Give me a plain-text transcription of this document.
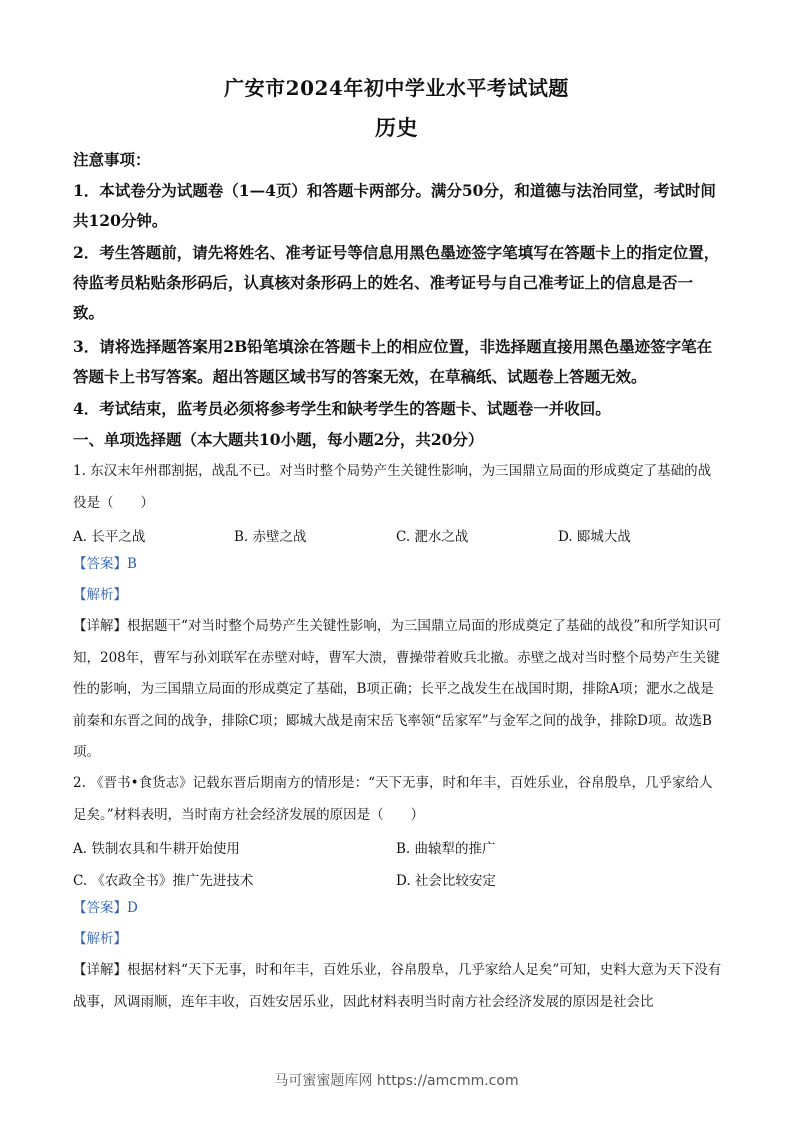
广安市2024年初中学业水平考试试题
历史
注意事项：
1．本试卷分为试题卷（1—4页）和答题卡两部分。满分50分，和道德与法治同堂，考试时间共120分钟。
2．考生答题前，请先将姓名、准考证号等信息用黑色墨迹签字笔填写在答题卡上的指定位置，待监考员粘贴条形码后，认真核对条形码上的姓名、准考证号与自己准考证上的信息是否一致。
3．请将选择题答案用2B铅笔填涂在答题卡上的相应位置，非选择题直接用黑色墨迹签字笔在答题卡上书写答案。超出答题区域书写的答案无效，在草稿纸、试题卷上答题无效。
4．考试结束，监考员必须将参考学生和缺考学生的答题卡、试题卷一并收回。
一、单项选择题（本大题共10小题，每小题2分，共20分）
1. 东汉末年州郡割据，战乱不已。对当时整个局势产生关键性影响，为三国鼎立局面的形成奠定了基础的战役是（　　）
A. 长平之战	B. 赤壁之战	C. 淝水之战	D. 郾城大战
【答案】B
【解析】
【详解】根据题干“对当时整个局势产生关键性影响，为三国鼎立局面的形成奠定了基础的战役”和所学知识可知，208年，曹军与孙刘联军在赤壁对峙，曹军大溃，曹操带着败兵北撤。赤壁之战对当时整个局势产生关键性的影响，为三国鼎立局面的形成奠定了基础，B项正确；长平之战发生在战国时期，排除A项；淝水之战是前秦和东晋之间的战争，排除C项；郾城大战是南宋岳飞率领“岳家军”与金军之间的战争，排除D项。故选B项。
2. 《晋书•食货志》记载东晋后期南方的情形是：“天下无事，时和年丰，百姓乐业，谷帛殷阜，几乎家给人足矣。”材料表明，当时南方社会经济发展的原因是（　　）
A. 铁制农具和牛耕开始使用	B. 曲辕犁的推广
C. 《农政全书》推广先进技术	D. 社会比较安定
【答案】D
【解析】
【详解】根据材料“天下无事，时和年丰，百姓乐业，谷帛殷阜，几乎家给人足矣”可知，史料大意为天下没有战事，风调雨顺，连年丰收，百姓安居乐业，因此材料表明当时南方社会经济发展的原因是社会比
马可蜜蜜题库网 https://amcmm.com
